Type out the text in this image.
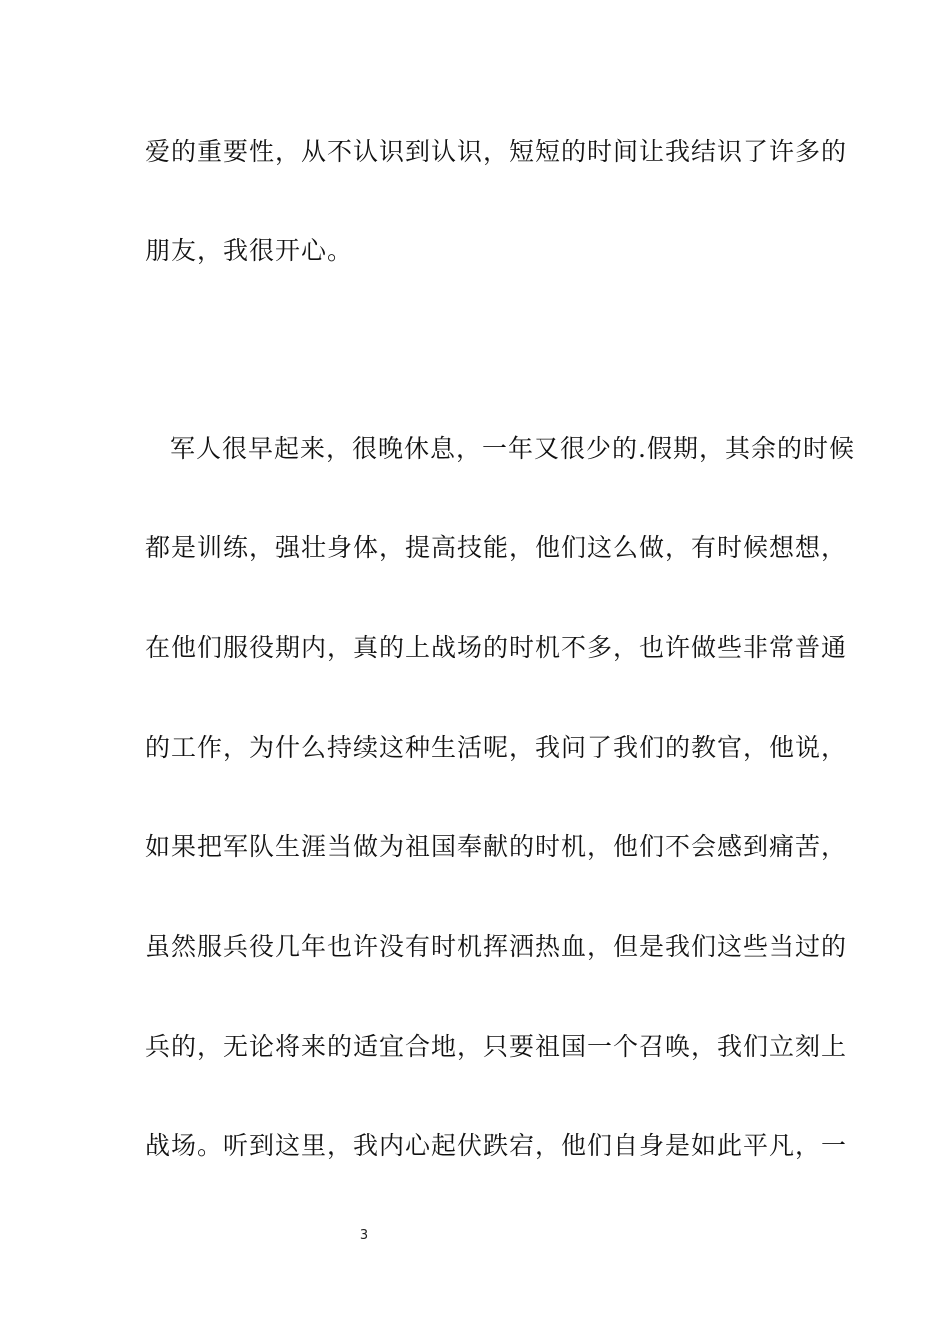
爱的重要性，从不认识到认识，短短的时间让我结识了许多的
朋友，我很开心。
军人很早起来，很晚休息，一年又很少的.假期，其余的时候
都是训练，强壮身体，提高技能，他们这么做，有时候想想，
在他们服役期内，真的上战场的时机不多，也许做些非常普通
的工作，为什么持续这种生活呢，我问了我们的教官，他说，
如果把军队生涯当做为祖国奉献的时机，他们不会感到痛苦，
虽然服兵役几年也许没有时机挥洒热血，但是我们这些当过的
兵的，无论将来的适宜合地，只要祖国一个召唤，我们立刻上
战场。听到这里，我内心起伏跌宕，他们自身是如此平凡，一
3
